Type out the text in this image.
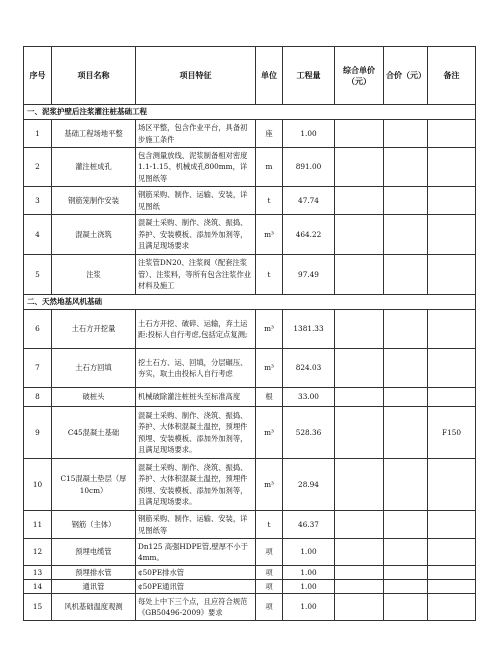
序号	项目名称	项目特征	单位	工程量	综合单价（元）	合价（元）	备注
一、泥浆护壁后注浆灌注桩基础工程							
1	基础工程场地平整	场区平整，包含作业平台，具备初步施工条件	座	1.00			
2	灌注桩成孔	包含测量放线、泥浆制备相对密度1.1-1.15、机械成孔800mm，详见图纸等	m	891.00			
3	钢筋笼制作安装	钢筋采购、制作、运输、安装，详见图纸	t	47.74			
4	混凝土浇筑	混凝土采购、制作、浇筑、振捣、养护、安装模板、添加外加剂等，且满足现场要求	m³	464.22			
5	注浆	注浆管DN20、注浆阀（配套注浆管）、注浆料，等所有包含注浆作业材料及施工	t	97.49			
二、天然地基风机基础							
6	土石方开挖量	土石方开挖、破碎、运输，弃土运距:投标人自行考虑,包括定点复测;	m³	1381.33			
7	土石方回填	挖土石方、运、回填，分层碾压、夯实，取土由投标人自行考虑	m³	824.03			
8	破桩头	机械破除灌注桩桩头至标准高度	根	33.00			
9	C45混凝土基础	混凝土采购、制作、浇筑、振捣、养护、大体积混凝土温控，预埋件预埋、安装模板、添加外加剂等，且满足现场要求。	m³	528.36			F150
10	C15混凝土垫层（厚10cm）	混凝土采购、制作、浇筑、振捣、养护、大体积混凝土温控，预埋件预埋、安装模板、添加外加剂等，且满足现场要求。	m³	28.94			
11	钢筋（主体）	钢筋采购、制作、运输、安装，详见图纸等	t	46.37			
12	预埋电缆管	Dn125 高强HDPE管,壁厚不小于4mm。	项	1.00			
13	预埋排水管	¢50PE排水管	项	1.00			
14	通讯管	¢50PE通讯管	项	1.00			
15	风机基础温度观测	每处上中下三个点，且应符合规范《GB50496-2009》要求	项	1.00			
